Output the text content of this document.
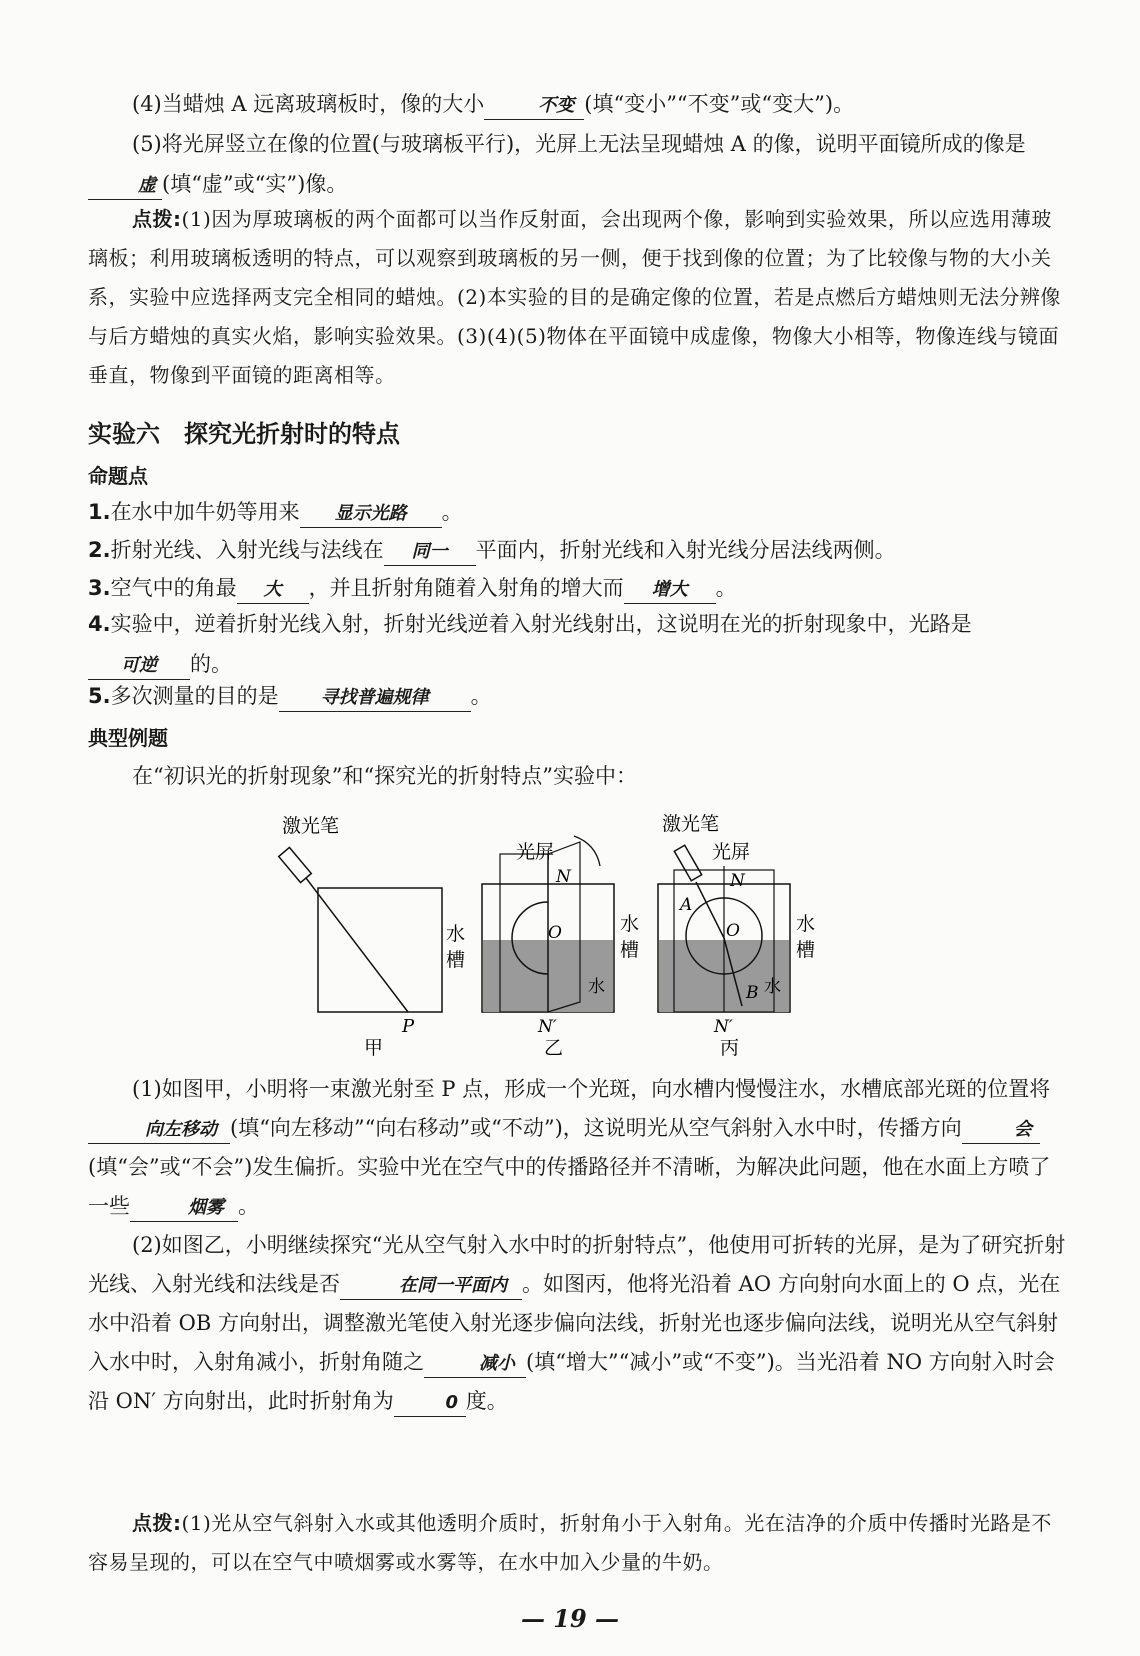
(4)当蜡烛 A 远离玻璃板时，像的大小	不变 (填“变小”“不变”或“变大”)。
(5)将光屏竖立在像的位置(与玻璃板平行)，光屏上无法呈现蜡烛 A 的像，说明平面镜所成的像是虚 (填“虚”或“实”)像。
点拨:(1)因为厚玻璃板的两个面都可以当作反射面，会出现两个像，影响到实验效果，所以应选用薄玻璃板；利用玻璃板透明的特点，可以观察到玻璃板的另一侧，便于找到像的位置；为了比较像与物的大小关系，实验中应选择两支完全相同的蜡烛。(2)本实验的目的是确定像的位置，若是点燃后方蜡烛则无法分辨像与后方蜡烛的真实火焰，影响实验效果。(3)(4)(5)物体在平面镜中成虚像，物像大小相等，物像连线与镜面垂直，物像到平面镜的距离相等。
实验六　探究光折射时的特点
命题点
1.在水中加牛奶等用来 显示光路 。
2.折射光线、入射光线与法线在 同一 平面内，折射光线和入射光线分居法线两侧。
3.空气中的角最 大 ，并且折射角随着入射角的增大而 增大 。
4.实验中，逆着折射光线入射，折射光线逆着入射光线射出，这说明在光的折射现象中，光路是可逆 的。
5.多次测量的目的是 寻找普遍规律 。
典型例题
在“初识光的折射现象”和“探究光的折射特点”实验中：
激光笔
水
槽
P
甲
光屏
N
O
水
N′
水
槽
乙
激光笔
光屏
N
A
O
B 水
N′
水
槽
丙
(1)如图甲，小明将一束激光射至 P 点，形成一个光斑，向水槽内慢慢注水，水槽底部光斑的位置将向左移动 (填“向左移动”“向右移动”或“不动”)，这说明光从空气斜射入水中时，传播方向	会(填“会”或“不会”)发生偏折。实验中光在空气中的传播路径并不清晰，为解决此问题，他在水面上方喷了一些	烟雾 。
(2)如图乙，小明继续探究“光从空气射入水中时的折射特点”，他使用可折转的光屏，是为了研究折射光线、入射光线和法线是否	在同一平面内 。如图丙，他将光沿着 AO 方向射向水面上的 O 点，光在水中沿着 OB 方向射出，调整激光笔使入射光逐步偏向法线，折射光也逐步偏向法线，说明光从空气斜射入水中时，入射角减小，折射角随之	减小 (填“增大”“减小”或“不变”)。当光沿着 NO 方向射入时会沿 ON′ 方向射出，此时折射角为	0 度。
点拨:(1)光从空气斜射入水或其他透明介质时，折射角小于入射角。光在洁净的介质中传播时光路是不容易呈现的，可以在空气中喷烟雾或水雾等，在水中加入少量的牛奶。
— 19 —
